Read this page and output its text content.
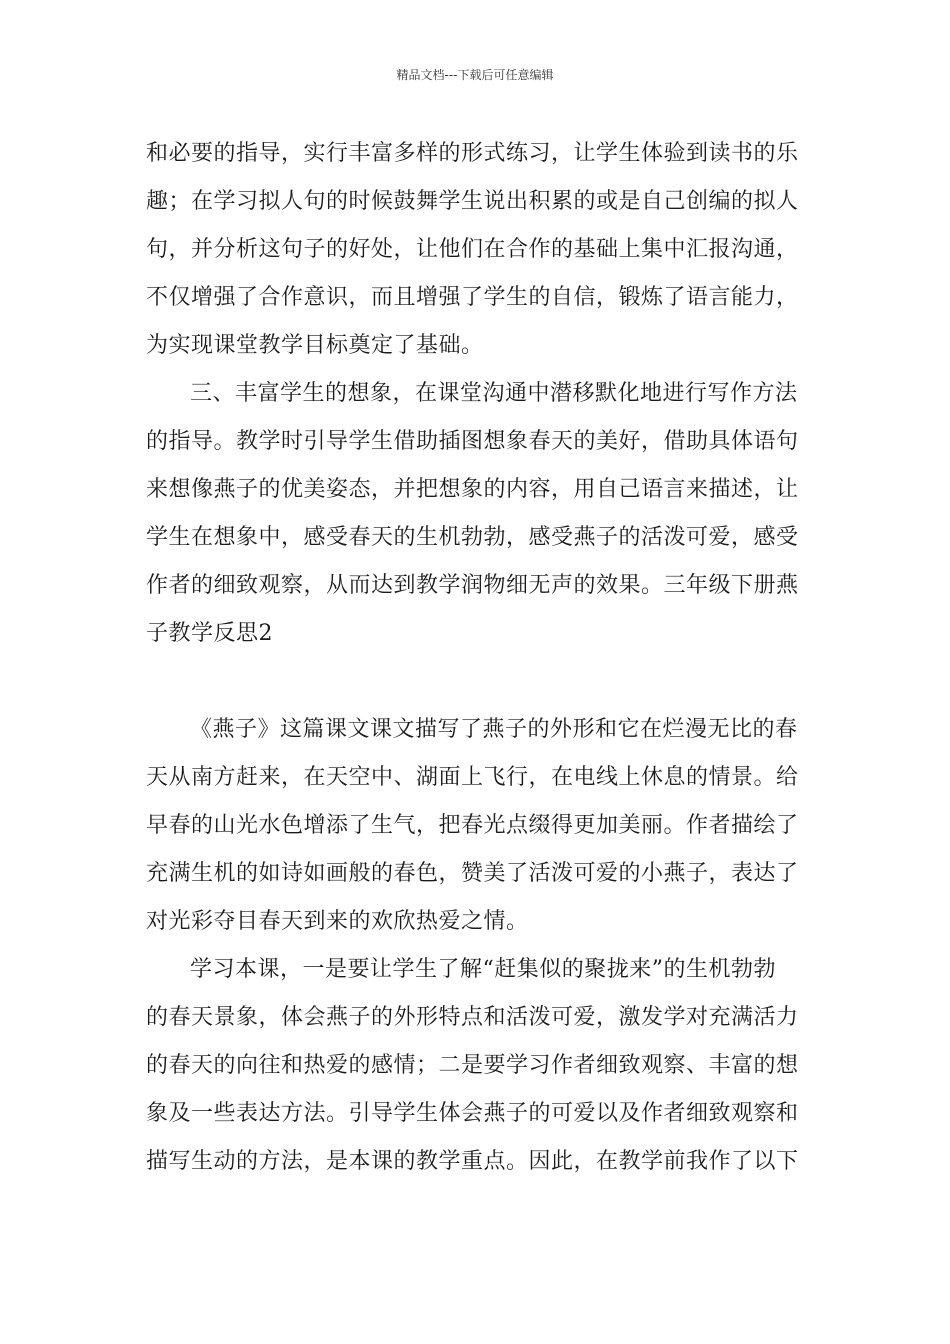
精品文档---下载后可任意编辑
和必要的指导，实行丰富多样的形式练习，让学生体验到读书的乐
趣；在学习拟人句的时候鼓舞学生说出积累的或是自己创编的拟人
句，并分析这句子的好处，让他们在合作的基础上集中汇报沟通，
不仅增强了合作意识，而且增强了学生的自信，锻炼了语言能力，
为实现课堂教学目标奠定了基础。
三、丰富学生的想象，在课堂沟通中潜移默化地进行写作方法
的指导。教学时引导学生借助插图想象春天的美好，借助具体语句
来想像燕子的优美姿态，并把想象的内容，用自己语言来描述，让
学生在想象中，感受春天的生机勃勃，感受燕子的活泼可爱，感受
作者的细致观察，从而达到教学润物细无声的效果。三年级下册燕
子教学反思2
《燕子》这篇课文课文描写了燕子的外形和它在烂漫无比的春
天从南方赶来，在天空中、湖面上飞行，在电线上休息的情景。给
早春的山光水色增添了生气，把春光点缀得更加美丽。作者描绘了
充满生机的如诗如画般的春色，赞美了活泼可爱的小燕子，表达了
对光彩夺目春天到来的欢欣热爱之情。
学习本课，一是要让学生了解“赶集似的聚拢来”的生机勃勃
的春天景象，体会燕子的外形特点和活泼可爱，激发学对充满活力
的春天的向往和热爱的感情；二是要学习作者细致观察、丰富的想
象及一些表达方法。引导学生体会燕子的可爱以及作者细致观察和
描写生动的方法，是本课的教学重点。因此，在教学前我作了以下
